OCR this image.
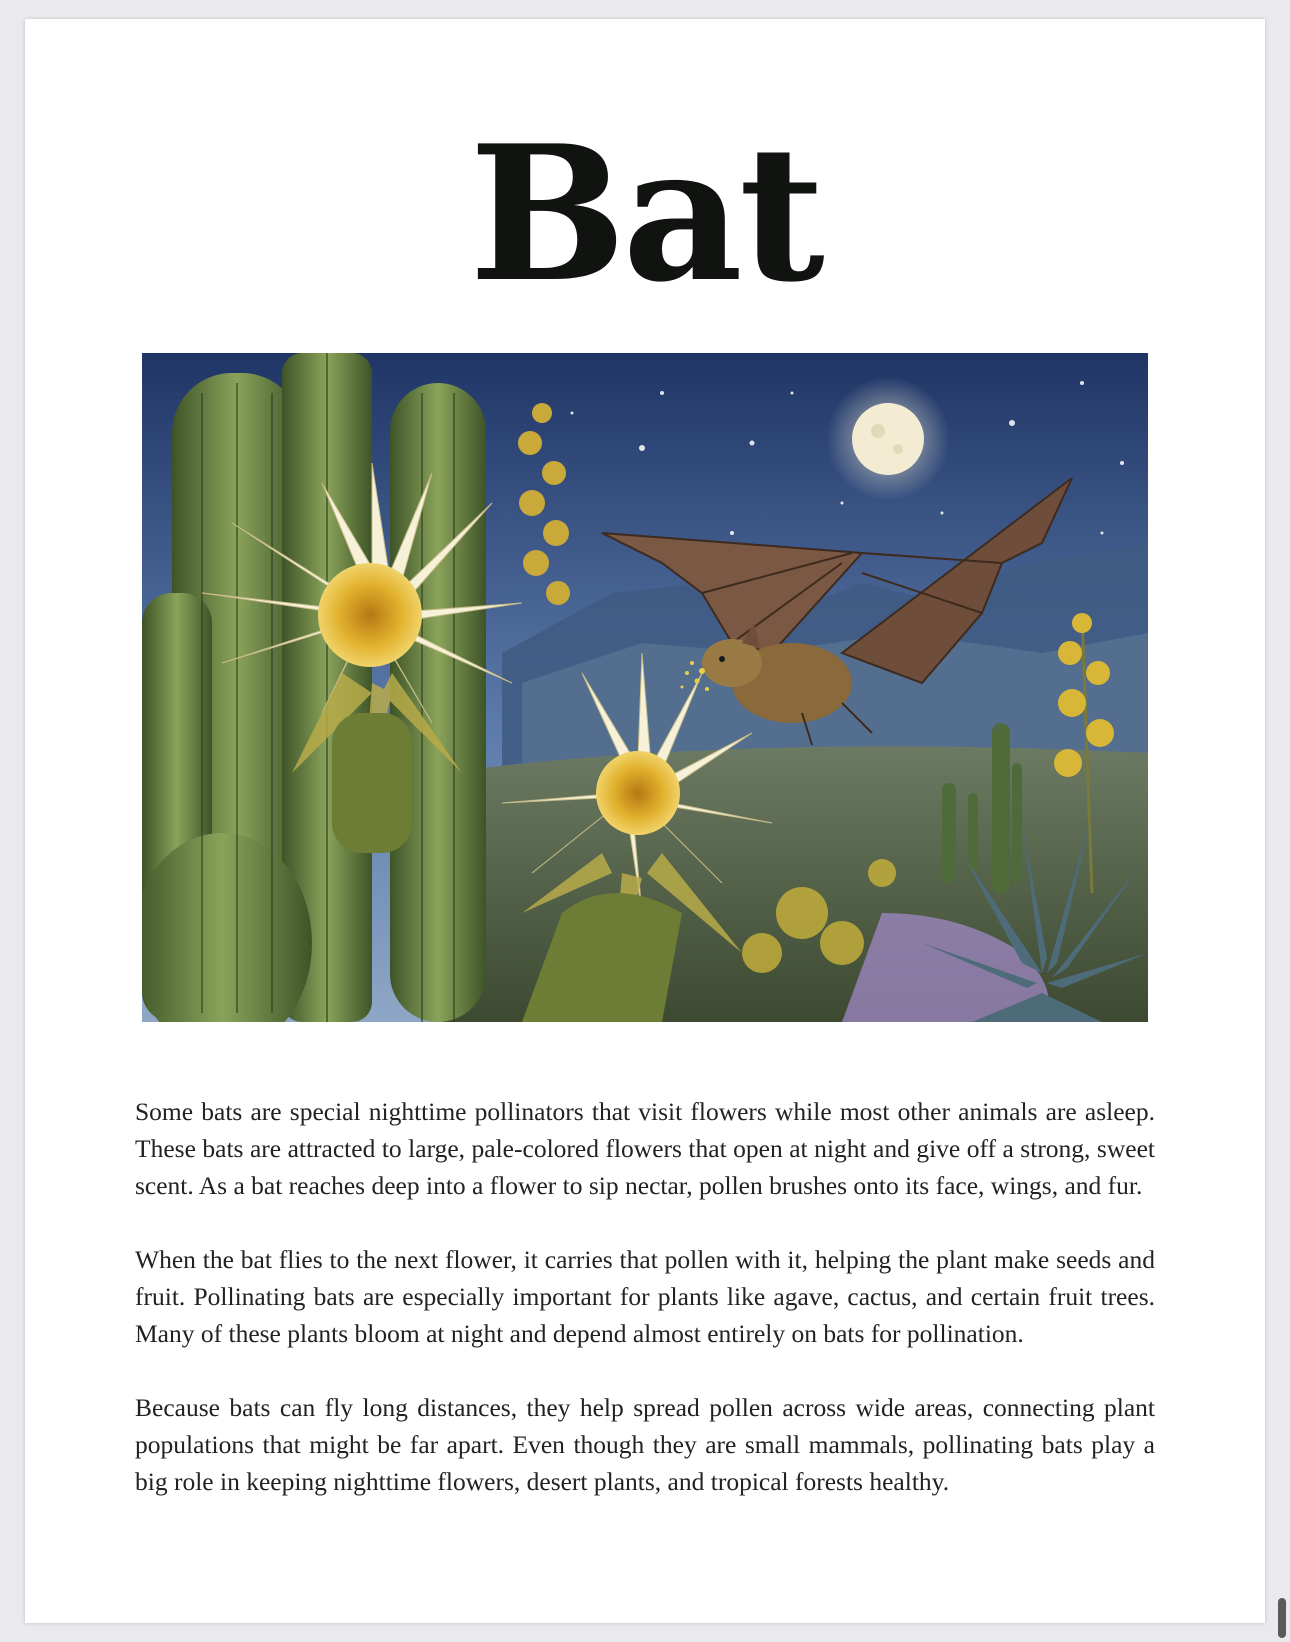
Bat

Some bats are special nighttime pollinators that visit flowers while most other animals are asleep. These bats are attracted to large, pale-colored flowers that open at night and give off a strong, sweet scent. As a bat reaches deep into a flower to sip nectar, pollen brushes onto its face, wings, and fur.

When the bat flies to the next flower, it carries that pollen with it, helping the plant make seeds and fruit. Pollinating bats are especially important for plants like agave, cactus, and certain fruit trees. Many of these plants bloom at night and depend almost entirely on bats for pollination.

Because bats can fly long distances, they help spread pollen across wide areas, connecting plant populations that might be far apart. Even though they are small mammals, pollinating bats play a big role in keeping nighttime flowers, desert plants, and tropical forests healthy.
